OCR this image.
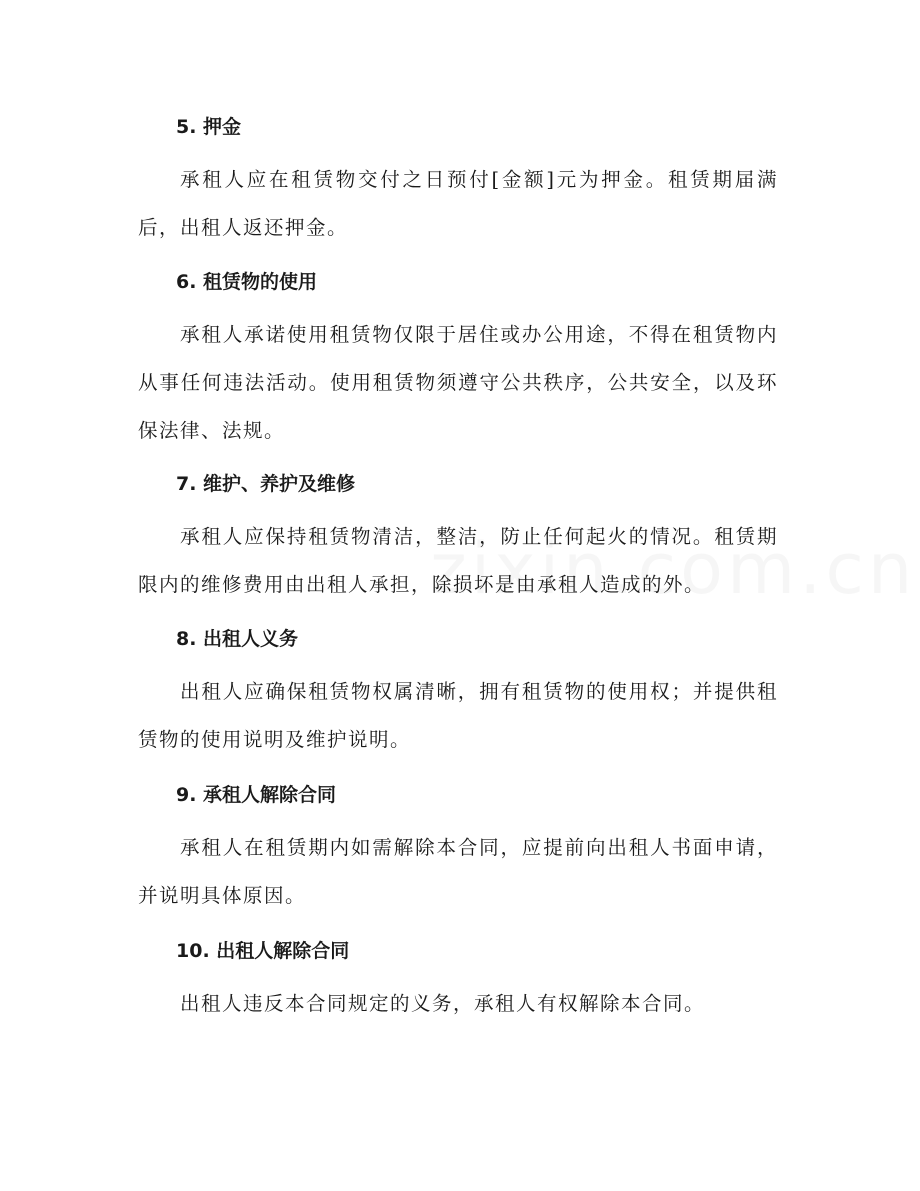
5. 押金
承租人应在租赁物交付之日预付[金额]元为押金。租赁期届满后，出租人返还押金。
6. 租赁物的使用
承租人承诺使用租赁物仅限于居住或办公用途，不得在租赁物内从事任何违法活动。使用租赁物须遵守公共秩序，公共安全，以及环保法律、法规。
7. 维护、养护及维修
承租人应保持租赁物清洁，整洁，防止任何起火的情况。租赁期限内的维修费用由出租人承担，除损坏是由承租人造成的外。
8. 出租人义务
出租人应确保租赁物权属清晰，拥有租赁物的使用权；并提供租赁物的使用说明及维护说明。
9. 承租人解除合同
承租人在租赁期内如需解除本合同，应提前向出租人书面申请，并说明具体原因。
10. 出租人解除合同
出租人违反本合同规定的义务，承租人有权解除本合同。
